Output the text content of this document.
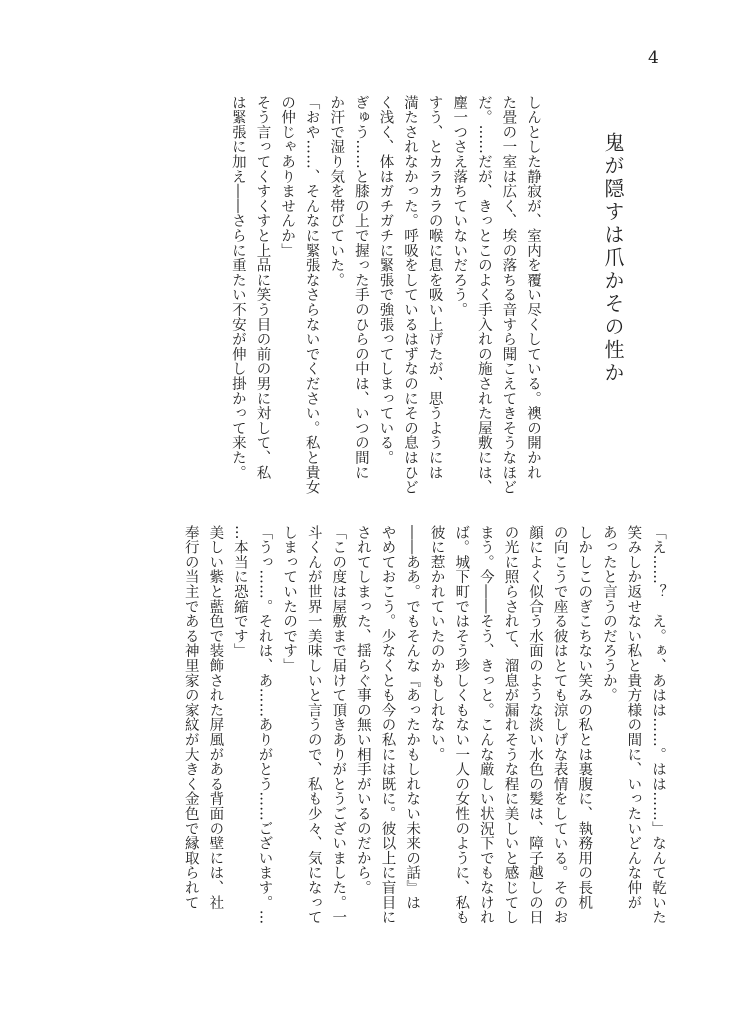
4
鬼が隠すは爪かその性か
しんとした静寂が、室内を覆い尽くしている。襖の開かれ
た畳の一室は広く、埃の落ちる音すら聞こえてきそうなほど
だ。……だが、きっとこのよく手入れの施された屋敷には、
塵一つさえ落ちていないだろう。
すう、とカラカラの喉に息を吸い上げたが、思うようには
満たされなかった。呼吸をしているはずなのにその息はひど
く浅く、体はガチガチに緊張で強張ってしまっている。
ぎゅう……と膝の上で握った手のひらの中は、いつの間に
か汗で湿り気を帯びていた。
「おや……、そんなに緊張なさらないでください。私と貴女
の仲じゃありませんか」
そう言ってくすくすと上品に笑う目の前の男に対して、私
は緊張に加え――さらに重たい不安が伸し掛かって来た。
「え……？　え。ぁ、あはは……。はは……」なんて乾いた
笑みしか返せない私と貴方様の間に、いったいどんな仲が
あったと言うのだろうか。
しかしこのぎこちない笑みの私とは裏腹に、執務用の長机
の向こうで座る彼はとても涼しげな表情をしている。そのお
顔によく似合う水面のような淡い水色の髪は、障子越しの日
の光に照らされて、溜息が漏れそうな程に美しいと感じてし
まう。今――そう、きっと。こんな厳しい状況下でもなけれ
ば。城下町ではそう珍しくもない一人の女性のように、私も
彼に惹かれていたのかもしれない。
――ああ。でもそんな『あったかもしれない未来の話』は
やめておこう。少なくとも今の私には既に。彼以上に盲目に
されてしまった、揺らぐ事の無い相手がいるのだから。
「この度は屋敷まで届けて頂きありがとうございました。一
斗くんが世界一美味しいと言うので、私も少々、気になって
しまっていたのです」
「うっ……。それは、あ……ありがとう……ございます。…
…本当に恐縮です」
美しい紫と藍色で装飾された屏風がある背面の壁には、社
奉行の当主である神里家の家紋が大きく金色で縁取られて
